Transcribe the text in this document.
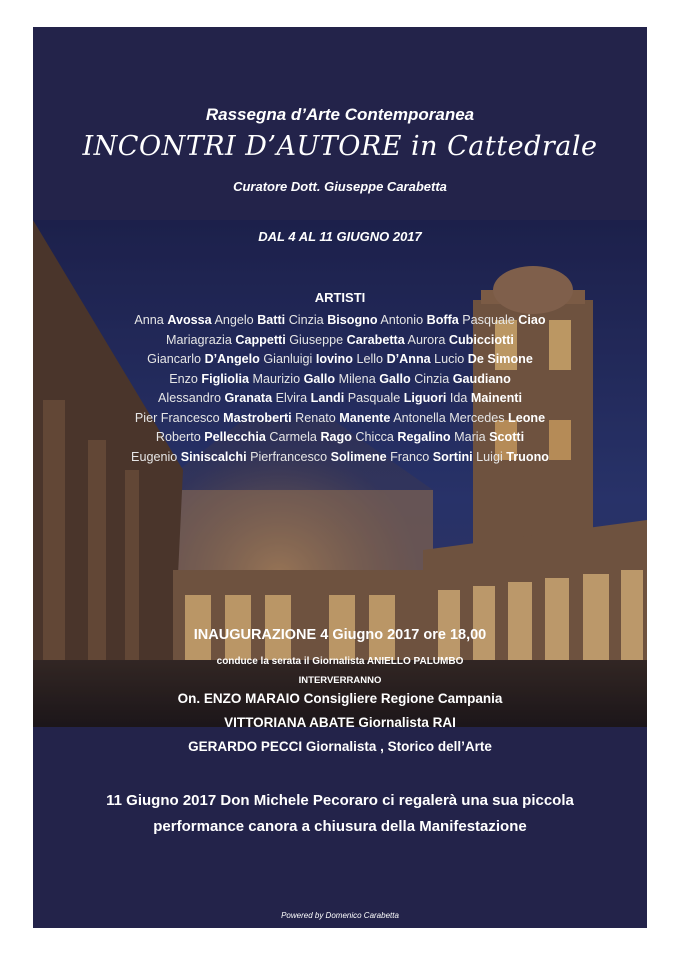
Rassegna d’Arte Contemporanea
INCONTRI D’AUTORE in Cattedrale
Curatore Dott. Giuseppe Carabetta
DAL 4 AL 11 GIUGNO 2017
ARTISTI
Anna Avossa Angelo Batti Cinzia Bisogno Antonio Boffa Pasquale Ciao
Mariagrazia Cappetti Giuseppe Carabetta Aurora Cubicciotti
Giancarlo D’Angelo Gianluigi Iovino Lello D’Anna Lucio De Simone
Enzo Figliolia Maurizio Gallo Milena Gallo Cinzia Gaudiano
Alessandro Granata Elvira Landi Pasquale Liguori Ida Mainenti
Pier Francesco Mastroberti Renato Manente Antonella Mercedes Leone
Roberto Pellecchia Carmela Rago Chicca Regalino Maria Scotti
Eugenio Siniscalchi Pierfrancesco Solimene Franco Sortini Luigi Truono
INAUGURAZIONE 4 Giugno 2017 ore 18,00
conduce la serata il Giornalista ANIELLO PALUMBO
INTERVERRANNO
On. ENZO MARAIO Consigliere Regione Campania
VITTORIANA ABATE Giornalista RAI
GERARDO PECCI Giornalista , Storico dell’Arte
11 Giugno 2017 Don Michele Pecoraro ci regalerà una sua piccola
performance canora a chiusura della Manifestazione
Powered by Domenico Carabetta
